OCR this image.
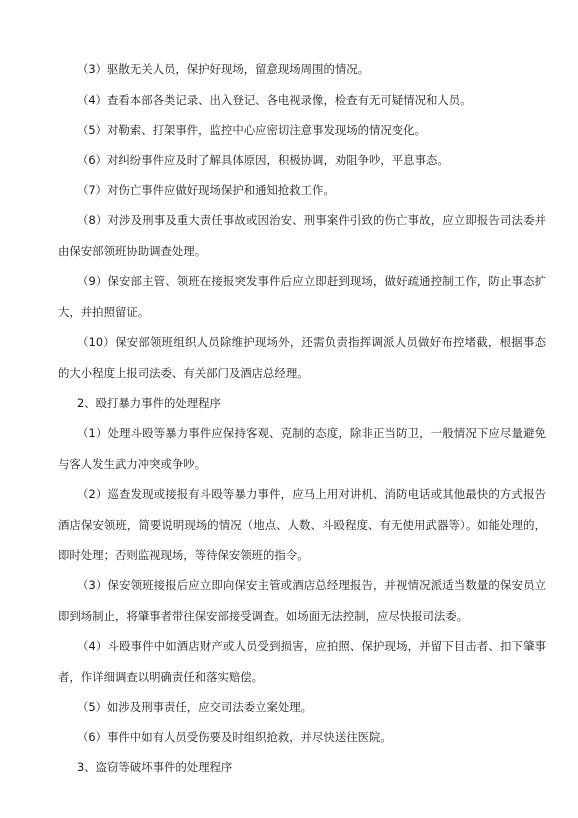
（3）驱散无关人员，保护好现场，留意现场周围的情况。
（4）查看本部各类记录、出入登记、各电视录像，检查有无可疑情况和人员。
（5）对勒索、打架事件，监控中心应密切注意事发现场的情况变化。
（6）对纠纷事件应及时了解具体原因，积极协调，劝阻争吵，平息事态。
（7）对伤亡事件应做好现场保护和通知抢救工作。
（8）对涉及刑事及重大责任事故或因治安、刑事案件引致的伤亡事故，应立即报告司法委并由保安部领班协助调查处理。
（9）保安部主管、领班在接报突发事件后应立即赶到现场，做好疏通控制工作，防止事态扩大，并拍照留证。
（10）保安部领班组织人员除维护现场外，还需负责指挥调派人员做好布控堵截，根据事态的大小程度上报司法委、有关部门及酒店总经理。
2、殴打暴力事件的处理程序
（1）处理斗殴等暴力事件应保持客观、克制的态度，除非正当防卫，一般情况下应尽量避免与客人发生武力冲突或争吵。
（2）巡查发现或接报有斗殴等暴力事件，应马上用对讲机、消防电话或其他最快的方式报告酒店保安领班，简要说明现场的情况（地点、人数、斗殴程度、有无使用武器等）。如能处理的，即时处理；否则监视现场，等待保安领班的指令。
（3）保安领班接报后应立即向保安主管或酒店总经理报告，并视情况派适当数量的保安员立即到场制止，将肇事者带往保安部接受调查。如场面无法控制，应尽快报司法委。
（4）斗殴事件中如酒店财产或人员受到损害，应拍照、保护现场，并留下目击者、扣下肇事者，作详细调查以明确责任和落实赔偿。
（5）如涉及刑事责任，应交司法委立案处理。
（6）事件中如有人员受伤要及时组织抢救，并尽快送往医院。
3、盗窃等破坏事件的处理程序
